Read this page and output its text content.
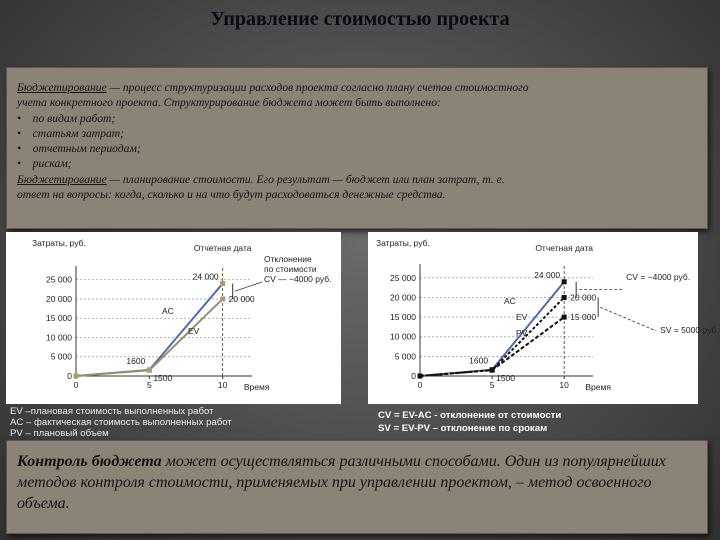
Управление стоимостью проекта
Бюджетирование — процесс структуризации расходов проекта согласно плану счетов стоимостного
учета конкретного проекта. Структурирование бюджета может быть выполнено:
• по видам работ;
• статьям затрат;
• отчетным периодам;
• рискам;
Бюджетирование — планирование стоимости. Его результат — бюджет или план затрат, т. е.
ответ на вопросы: когда, сколько и на что будут расходоваться денежные средства.
Затраты, руб.
0
5 000
10 000
15 000
20 000
25 000
0	5	10 Время
Отчетная дата
AC
EV
1600
1500
24 000
20 000
Отклонение
по стоимости
CV — −4000 руб.
Затраты, руб.
0
5 000
10 000
15 000
20 000
25 000
0	5	10 Время
Отчетная дата
AC
EV
PV
1600
1500
24 000
20 000
15 000
CV = −4000 руб.
SV = 5000 руб.
EV –плановая стоимость выполненных работ
AC – фактическая стоимость выполненных работ
PV – плановый объем
CV = EV-AC - отклонение от стоимости
SV = EV-PV – отклонение по срокам
Контроль бюджета может осуществляться различными способами. Один из популярнейших методов контроля стоимости, применяемых при управлении проектом, – метод освоенного объема.
